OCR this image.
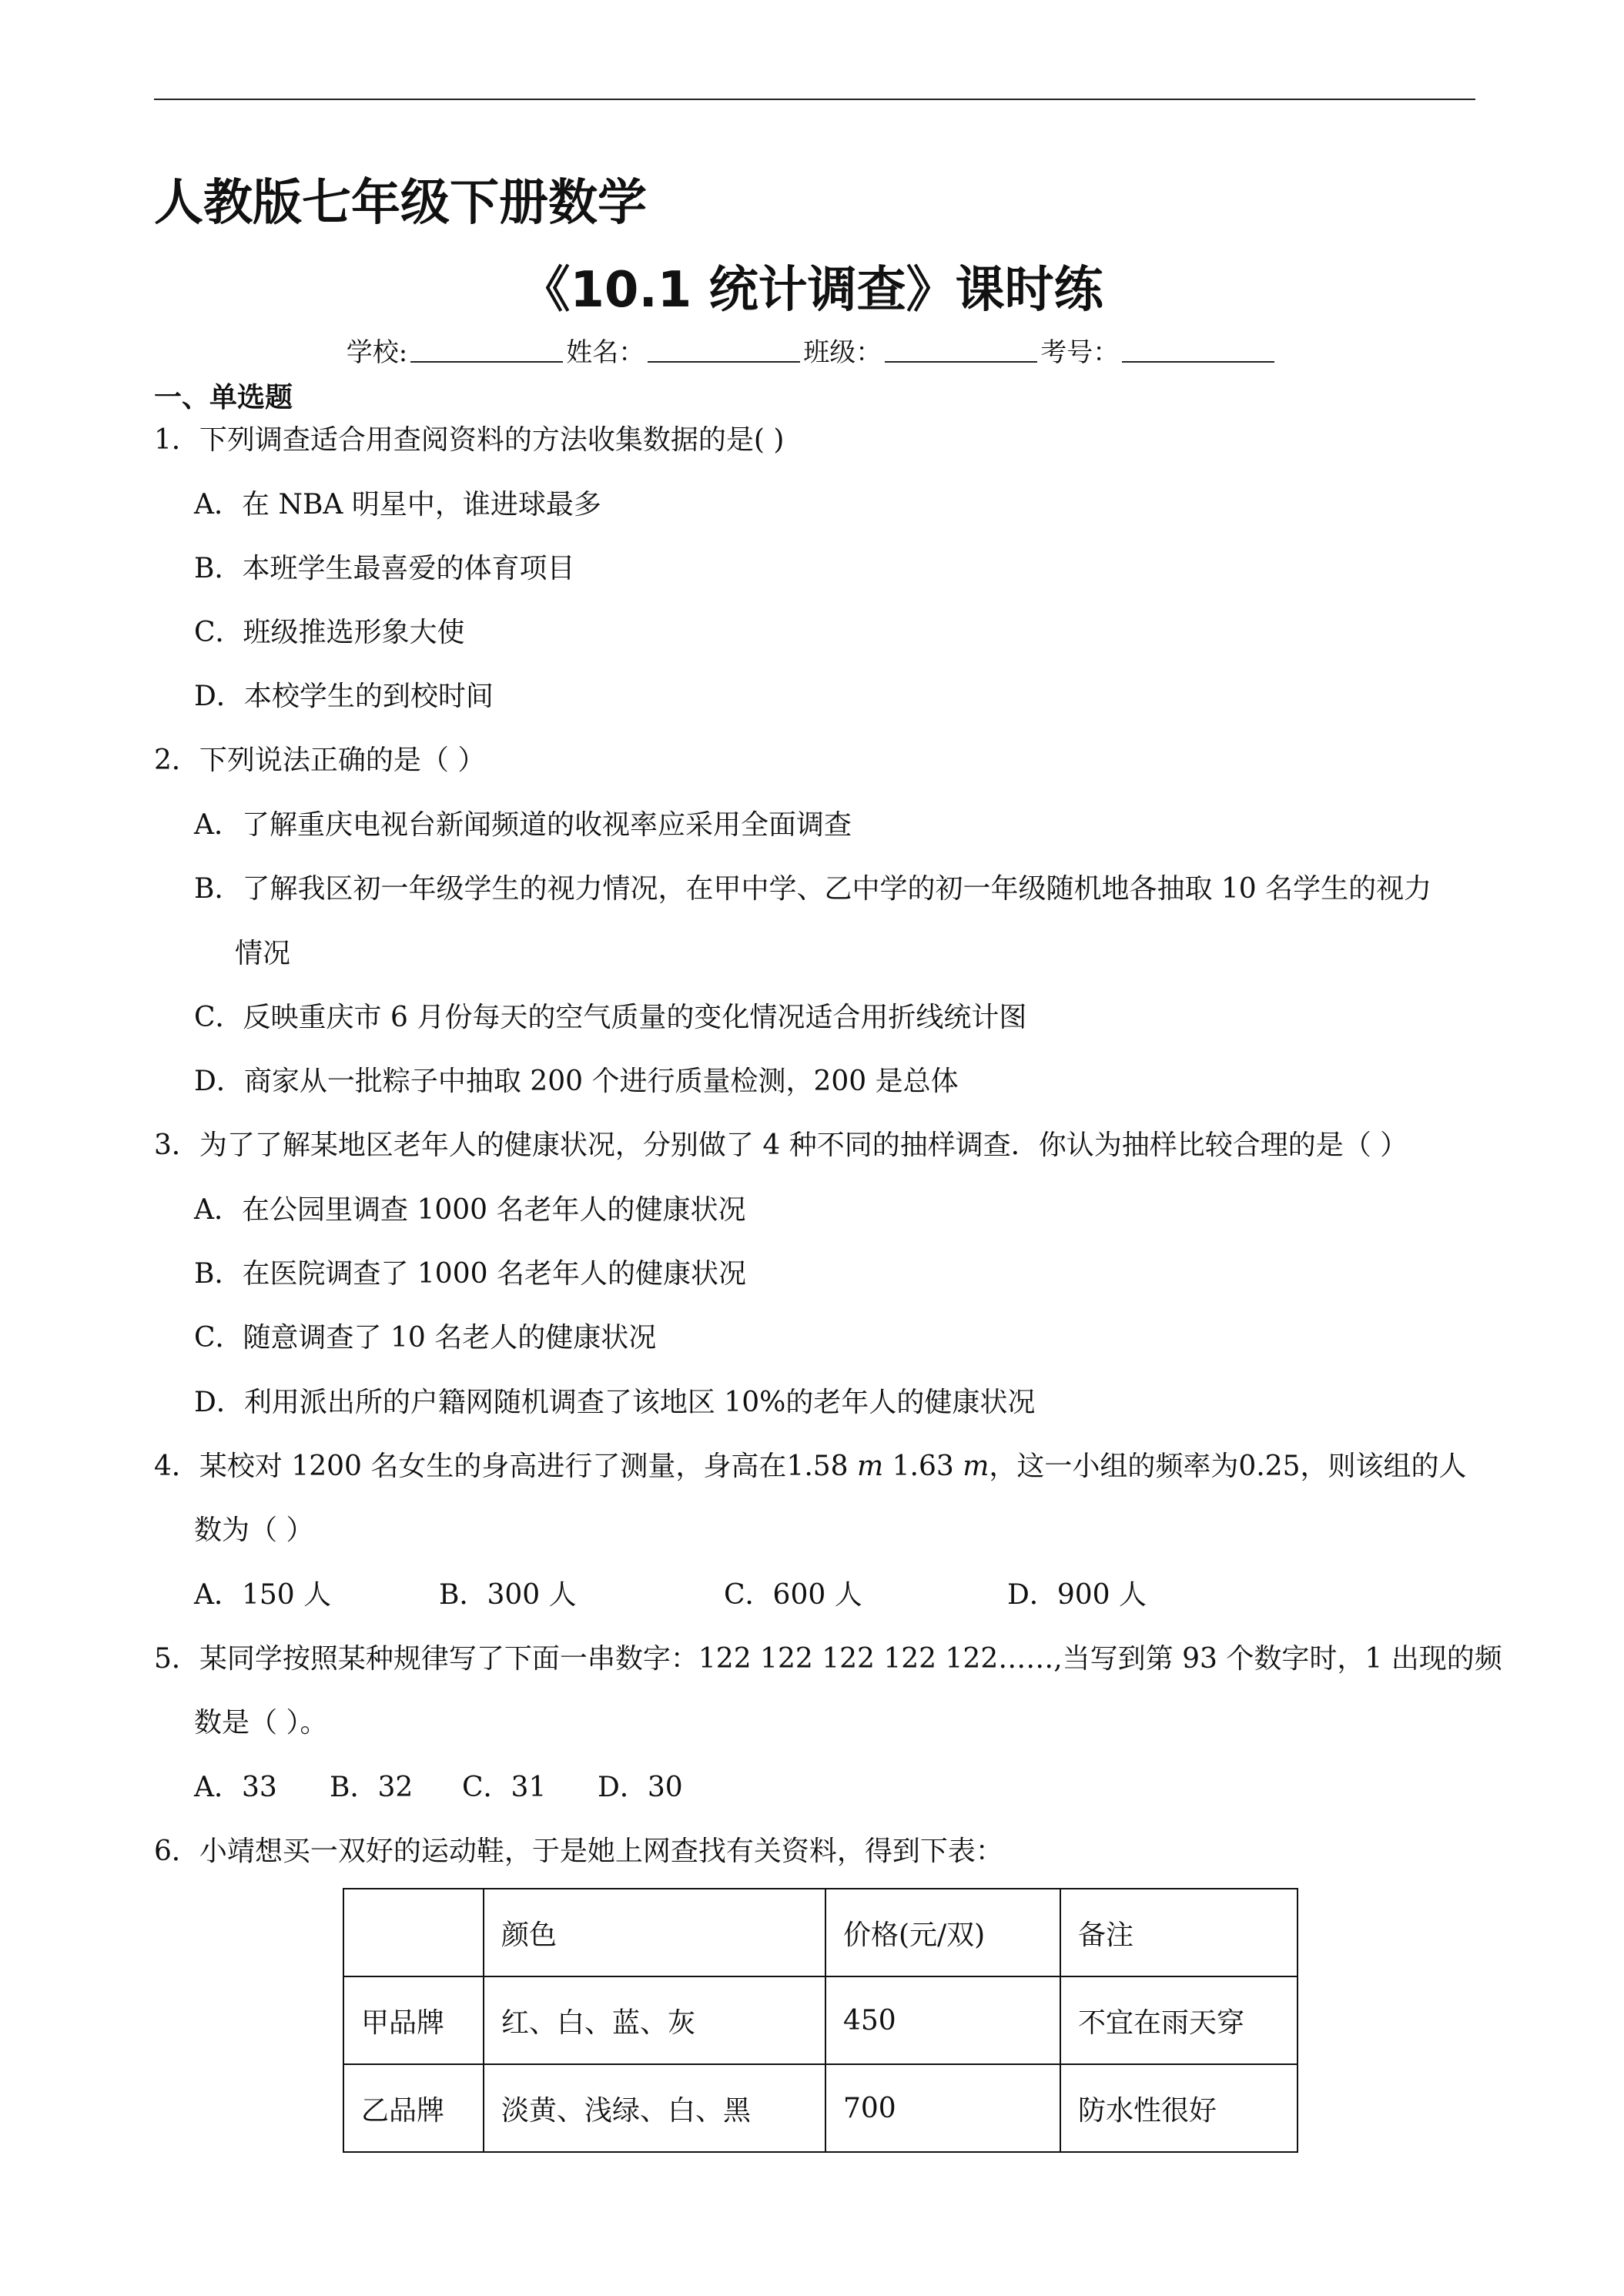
人教版七年级下册数学
《10.1 统计调查》课时练
学校:	姓名：	班级：	考号：
一、单选题
1．下列调查适合用查阅资料的方法收集数据的是( )
A．在 NBA 明星中，谁进球最多
B．本班学生最喜爱的体育项目
C．班级推选形象大使
D．本校学生的到校时间
2．下列说法正确的是（ ）
A．了解重庆电视台新闻频道的收视率应采用全面调查
B．了解我区初一年级学生的视力情况，在甲中学、乙中学的初一年级随机地各抽取 10 名学生的视力
情况
C．反映重庆市 6 月份每天的空气质量的变化情况适合用折线统计图
D．商家从一批粽子中抽取 200 个进行质量检测，200 是总体
3．为了了解某地区老年人的健康状况，分别做了 4 种不同的抽样调查．你认为抽样比较合理的是（ ）
A．在公园里调查 1000 名老年人的健康状况
B．在医院调查了 1000 名老年人的健康状况
C．随意调查了 10 名老人的健康状况
D．利用派出所的户籍网随机调查了该地区 10%的老年人的健康状况
4．某校对 1200 名女生的身高进行了测量，身高在1.58 m 1.63 m，这一小组的频率为0.25，则该组的人
数为（ ）
A．150 人	B．300 人	C．600 人	D．900 人
5．某同学按照某种规律写了下面一串数字：122 122 122 122 122……,当写到第 93 个数字时，1 出现的频
数是（ ）。
A．33 B．32 C．31 D．30
6．小靖想买一双好的运动鞋，于是她上网查找有关资料，得到下表：
	颜色	价格(元/双)	备注
甲品牌	红、白、蓝、灰	450	不宜在雨天穿
乙品牌	淡黄、浅绿、白、黑	700	防水性很好
